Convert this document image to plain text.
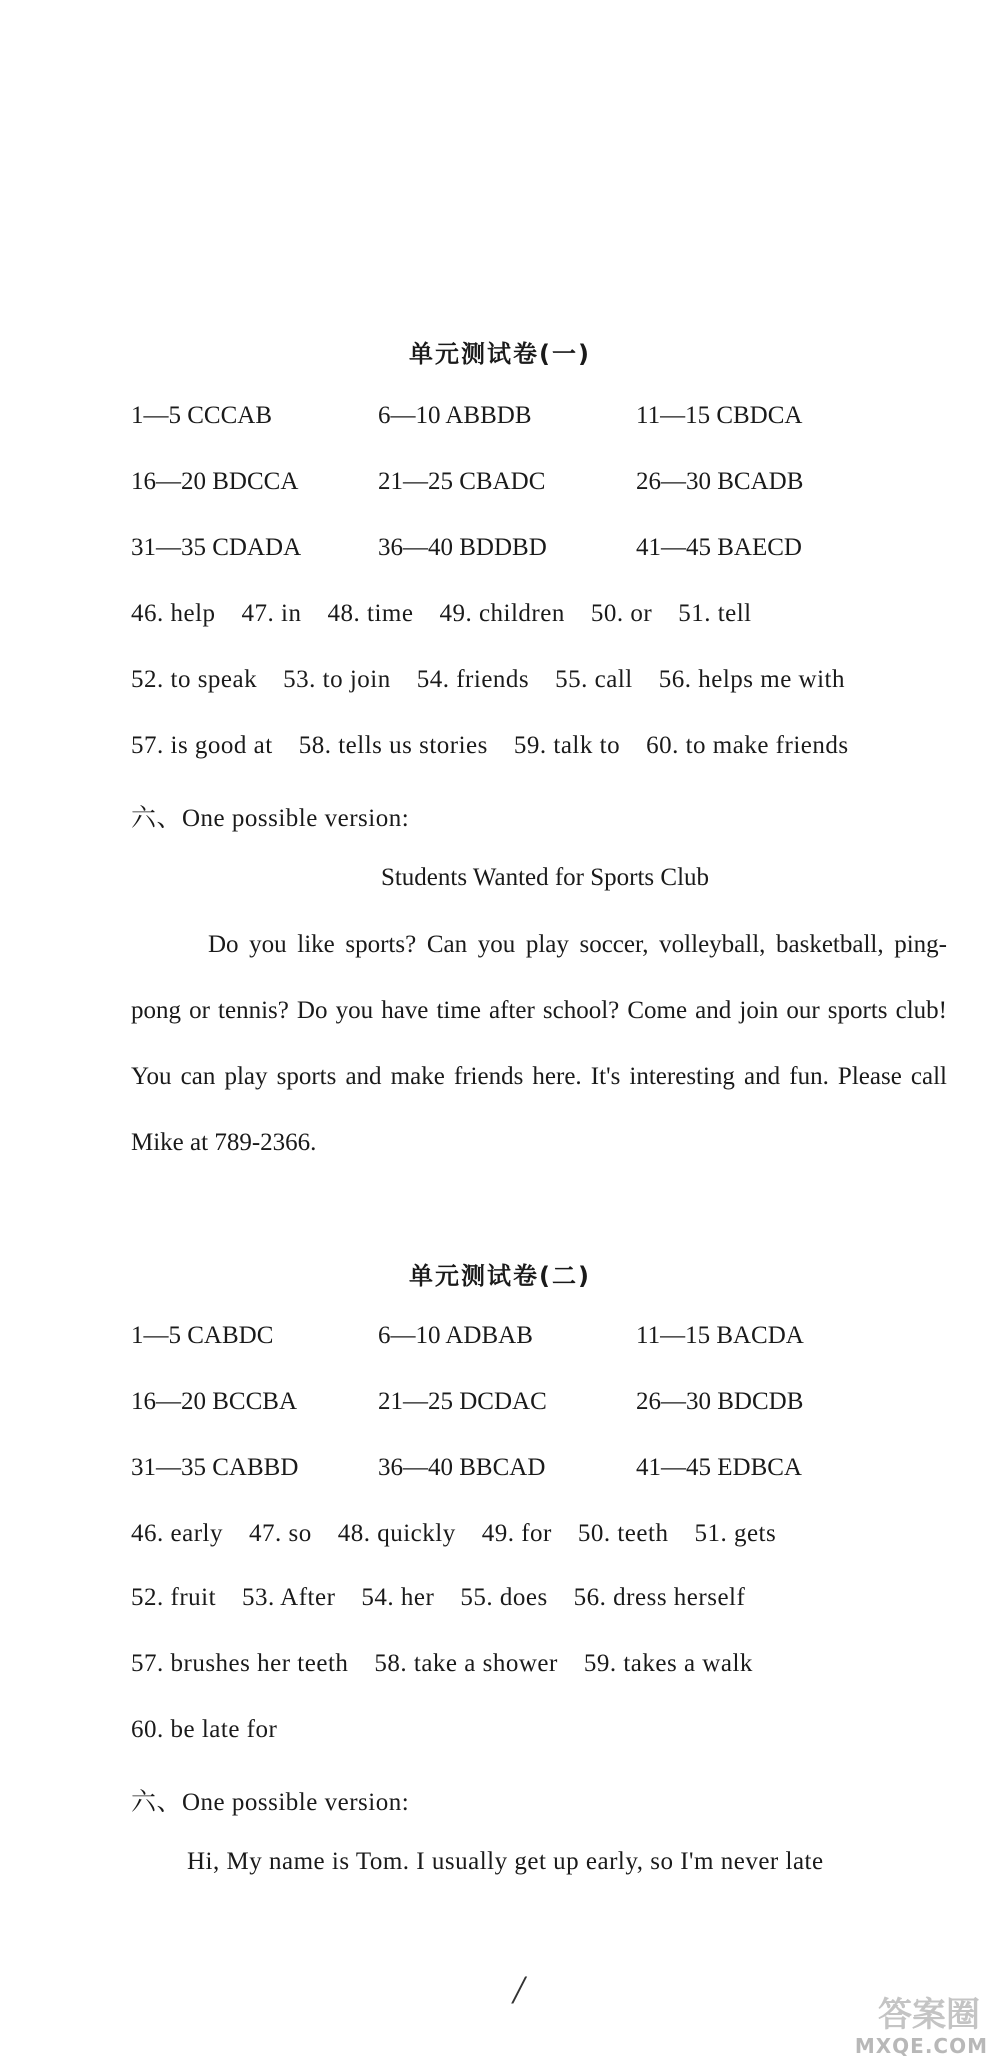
单元测试卷(一)
1—5 CCCAB	6—10 ABBDB	11—15 CBDCA
16—20 BDCCA	21—25 CBADC	26—30 BCADB
31—35 CDADA	36—40 BDDBD	41—45 BAECD
46. help 47. in 48. time 49. children 50. or 51. tell
52. to speak 53. to join 54. friends 55. call 56. helps me with
57. is good at 58. tells us stories 59. talk to 60. to make friends
六、One possible version:
Students Wanted for Sports Club
Do you like sports? Can you play soccer, volleyball, basketball, ping-pong or tennis? Do you have time after school? Come and join our sports club! You can play sports and make friends here. It's interesting and fun. Please call Mike at 789-2366.
单元测试卷(二)
1—5 CABDC	6—10 ADBAB	11—15 BACDA
16—20 BCCBA	21—25 DCDAC	26—30 BDCDB
31—35 CABBD	36—40 BBCAD	41—45 EDBCA
46. early 47. so 48. quickly 49. for 50. teeth 51. gets
52. fruit 53. After 54. her 55. does 56. dress herself
57. brushes her teeth 58. take a shower 59. takes a walk
60. be late for
六、One possible version:
Hi, My name is Tom. I usually get up early, so I'm never late
/
答案圈
MXQE.COM
